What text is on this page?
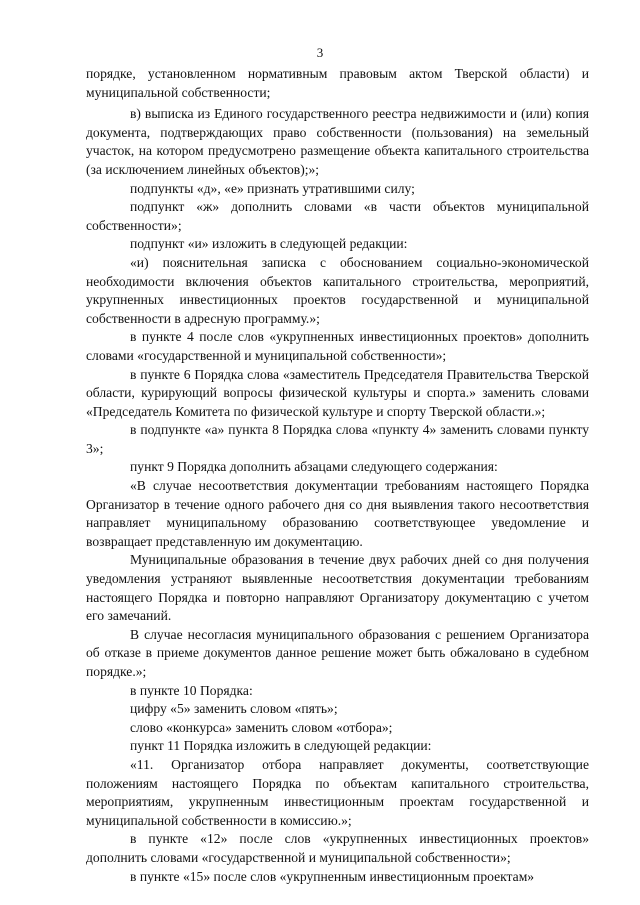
3

порядке, установленном нормативным правовым актом Тверской области) и муниципальной собственности;

в) выписка из Единого государственного реестра недвижимости и (или) копия документа, подтверждающих право собственности (пользования) на земельный участок, на котором предусмотрено размещение объекта капитального строительства (за исключением линейных объектов);»;

подпункты «д», «е» признать утратившими силу;

подпункт «ж» дополнить словами «в части объектов муниципальной собственности»;

подпункт «и» изложить в следующей редакции:

«и) пояснительная записка с обоснованием социально-экономической необходимости включения объектов капитального строительства, мероприятий, укрупненных инвестиционных проектов государственной и муниципальной собственности в адресную программу.»;

в пункте 4 после слов «укрупненных инвестиционных проектов» дополнить словами «государственной и муниципальной собственности»;

в пункте 6 Порядка слова «заместитель Председателя Правительства Тверской области, курирующий вопросы физической культуры и спорта.» заменить словами «Председатель Комитета по физической культуре и спорту Тверской области.»;

в подпункте «а» пункта 8 Порядка слова «пункту 4» заменить словами пункту 3»;

пункт 9 Порядка дополнить абзацами следующего содержания:

«В случае несоответствия документации требованиям настоящего Порядка Организатор в течение одного рабочего дня со дня выявления такого несоответствия направляет муниципальному образованию соответствующее уведомление и возвращает представленную им документацию.

Муниципальные образования в течение двух рабочих дней со дня получения уведомления устраняют выявленные несоответствия документации требованиям настоящего Порядка и повторно направляют Организатору документацию с учетом его замечаний.

В случае несогласия муниципального образования с решением Организатора об отказе в приеме документов данное решение может быть обжаловано в судебном порядке.»;

в пункте 10 Порядка:

цифру «5» заменить словом «пять»;

слово «конкурса» заменить словом «отбора»;

пункт 11 Порядка изложить в следующей редакции:

«11. Организатор отбора направляет документы, соответствующие положениям настоящего Порядка по объектам капитального строительства, мероприятиям, укрупненным инвестиционным проектам государственной и муниципальной собственности в комиссию.»;

в пункте «12» после слов «укрупненных инвестиционных проектов» дополнить словами «государственной и муниципальной собственности»;

в пункте «15» после слов «укрупненным инвестиционным проектам»
